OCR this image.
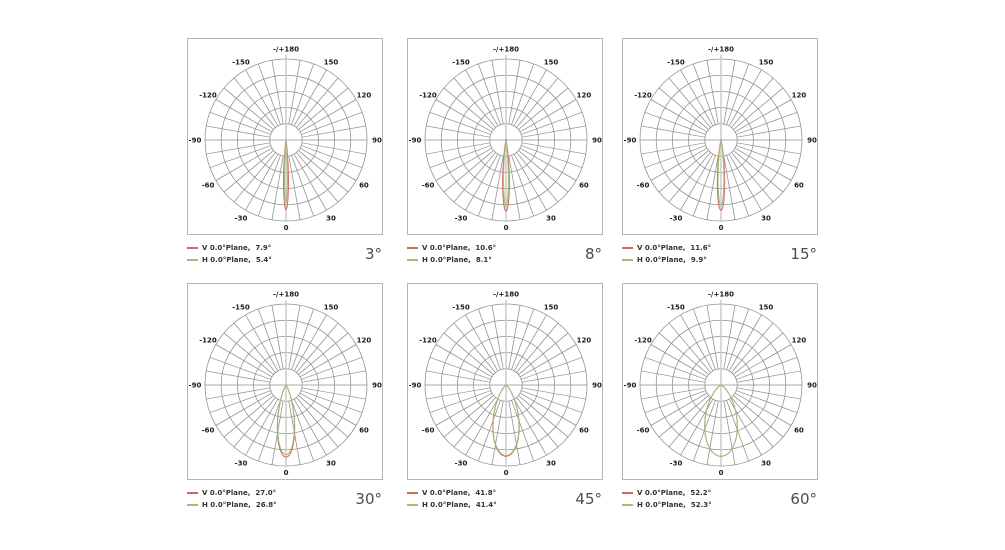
0
30
60
90
120
150
-/+180
-150
-120
-90
-60
-30
V 0.0°Plane, 7.9°
H 0.0°Plane, 5.4°	3°
0
30
60
90
120
150
-/+180
-150
-120
-90
-60
-30
V 0.0°Plane, 10.6°
H 0.0°Plane, 8.1°	8°
0
30
60
90
120
150
-/+180
-150
-120
-90
-60
-30
V 0.0°Plane, 11.6°
H 0.0°Plane, 9.9°	15°
0
30
60
90
120
150
-/+180
-150
-120
-90
-60
-30
V 0.0°Plane, 27.0°
H 0.0°Plane, 26.8°	30°
0
30
60
90
120
150
-/+180
-150
-120
-90
-60
-30
V 0.0°Plane, 41.8°
H 0.0°Plane, 41.4°	45°
0
30
60
90
120
150
-/+180
-150
-120
-90
-60
-30
V 0.0°Plane, 52.2°
H 0.0°Plane, 52.3°	60°
